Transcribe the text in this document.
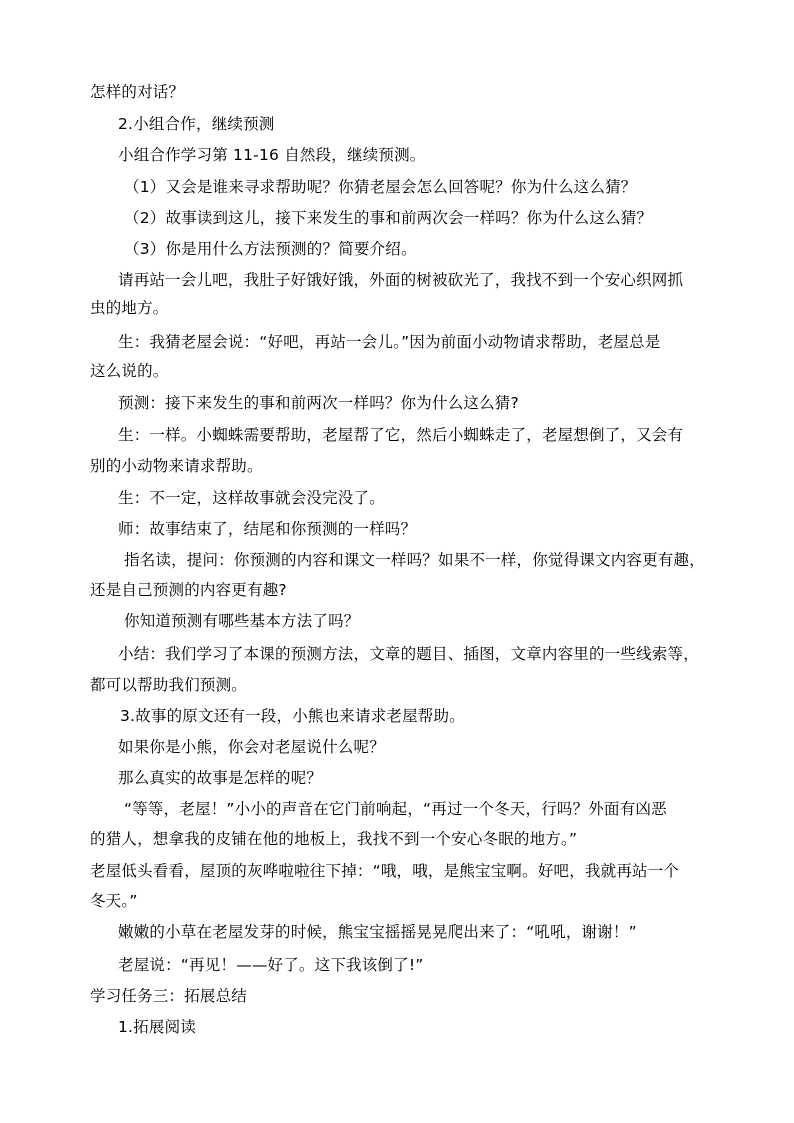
怎样的对话？
2.小组合作，继续预测
小组合作学习第 11-16 自然段，继续预测。
（1）又会是谁来寻求帮助呢？你猜老屋会怎么回答呢？你为什么这么猜？
（2）故事读到这儿，接下来发生的事和前两次会一样吗？你为什么这么猜？
（3）你是用什么方法预测的？简要介绍。
请再站一会儿吧，我肚子好饿好饿，外面的树被砍光了，我找不到一个安心织网抓
虫的地方。
生：我猜老屋会说：“好吧，再站一会儿。”因为前面小动物请求帮助，老屋总是
这么说的。
预测：接下来发生的事和前两次一样吗？你为什么这么猜?
生：一样。小蜘蛛需要帮助，老屋帮了它，然后小蜘蛛走了，老屋想倒了，又会有
别的小动物来请求帮助。
生：不一定，这样故事就会没完没了。
师：故事结束了，结尾和你预测的一样吗？
指名读，提问：你预测的内容和课文一样吗？如果不一样，你觉得课文内容更有趣，
还是自己预测的内容更有趣?
你知道预测有哪些基本方法了吗？
小结：我们学习了本课的预测方法，文章的题目、插图，文章内容里的一些线索等，
都可以帮助我们预测。
3.故事的原文还有一段，小熊也来请求老屋帮助。
如果你是小熊，你会对老屋说什么呢？
那么真实的故事是怎样的呢？
“等等，老屋！”小小的声音在它门前响起，“再过一个冬天，行吗？外面有凶恶
的猎人，想拿我的皮铺在他的地板上，我找不到一个安心冬眠的地方。”
老屋低头看看，屋顶的灰哗啦啦往下掉：“哦，哦，是熊宝宝啊。好吧，我就再站一个
冬天。”
嫩嫩的小草在老屋发芽的时候，熊宝宝摇摇晃晃爬出来了：“吼吼，谢谢！”
老屋说：“再见！——好了。这下我该倒了!”
学习任务三：拓展总结
1.拓展阅读
